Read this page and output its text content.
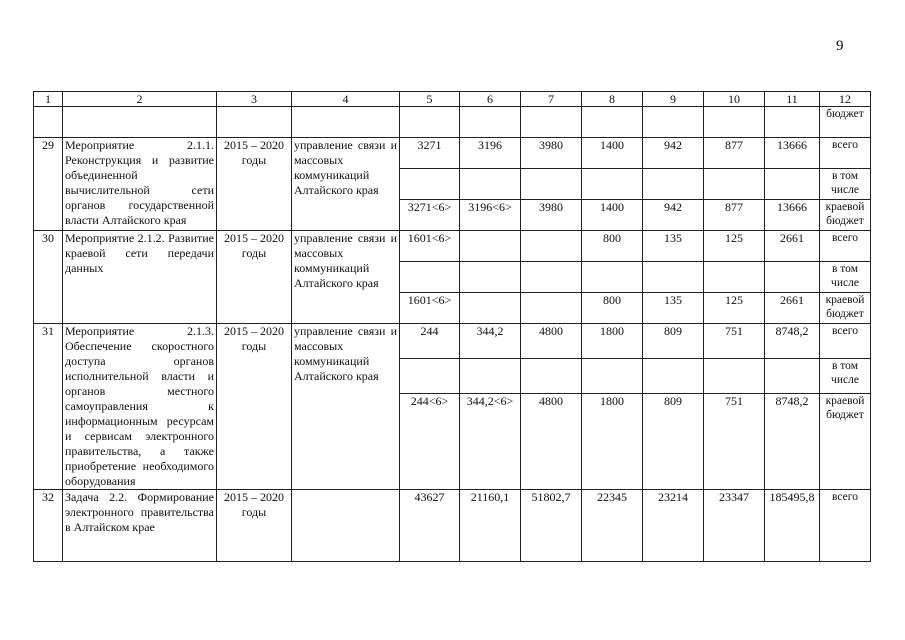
9
1	2	3	4	5	6	7	8	9	10	11	12
											бюджет
29	Мероприятие 2.1.1. Реконструкция и развитие объединенной вычислительной сети органов государственной власти Алтайского края	2015 – 2020 годы	управление связи и массовых коммуникаций Алтайского края	3271	3196	3980	1400	942	877	13666	всего
											в том числе
				3271<6>	3196<6>	3980	1400	942	877	13666	краевой бюджет
30	Мероприятие 2.1.2. Развитие краевой сети передачи данных	2015 – 2020 годы	управление связи и массовых коммуникаций Алтайского края	1601<6>			800	135	125	2661	всего
											в том числе
				1601<6>			800	135	125	2661	краевой бюджет
31	Мероприятие 2.1.3. Обеспечение скоростного доступа органов исполнительной власти и органов местного самоуправления к информационным ресурсам и сервисам электронного правительства, а также приобретение необходимого оборудования	2015 – 2020 годы	управление связи и массовых коммуникаций Алтайского края	244	344,2	4800	1800	809	751	8748,2	всего
											в том числе
				244<6>	344,2<6>	4800	1800	809	751	8748,2	краевой бюджет
32	Задача 2.2. Формирование электронного правительства в Алтайском крае	2015 – 2020 годы		43627	21160,1	51802,7	22345	23214	23347	185495,8	всего
